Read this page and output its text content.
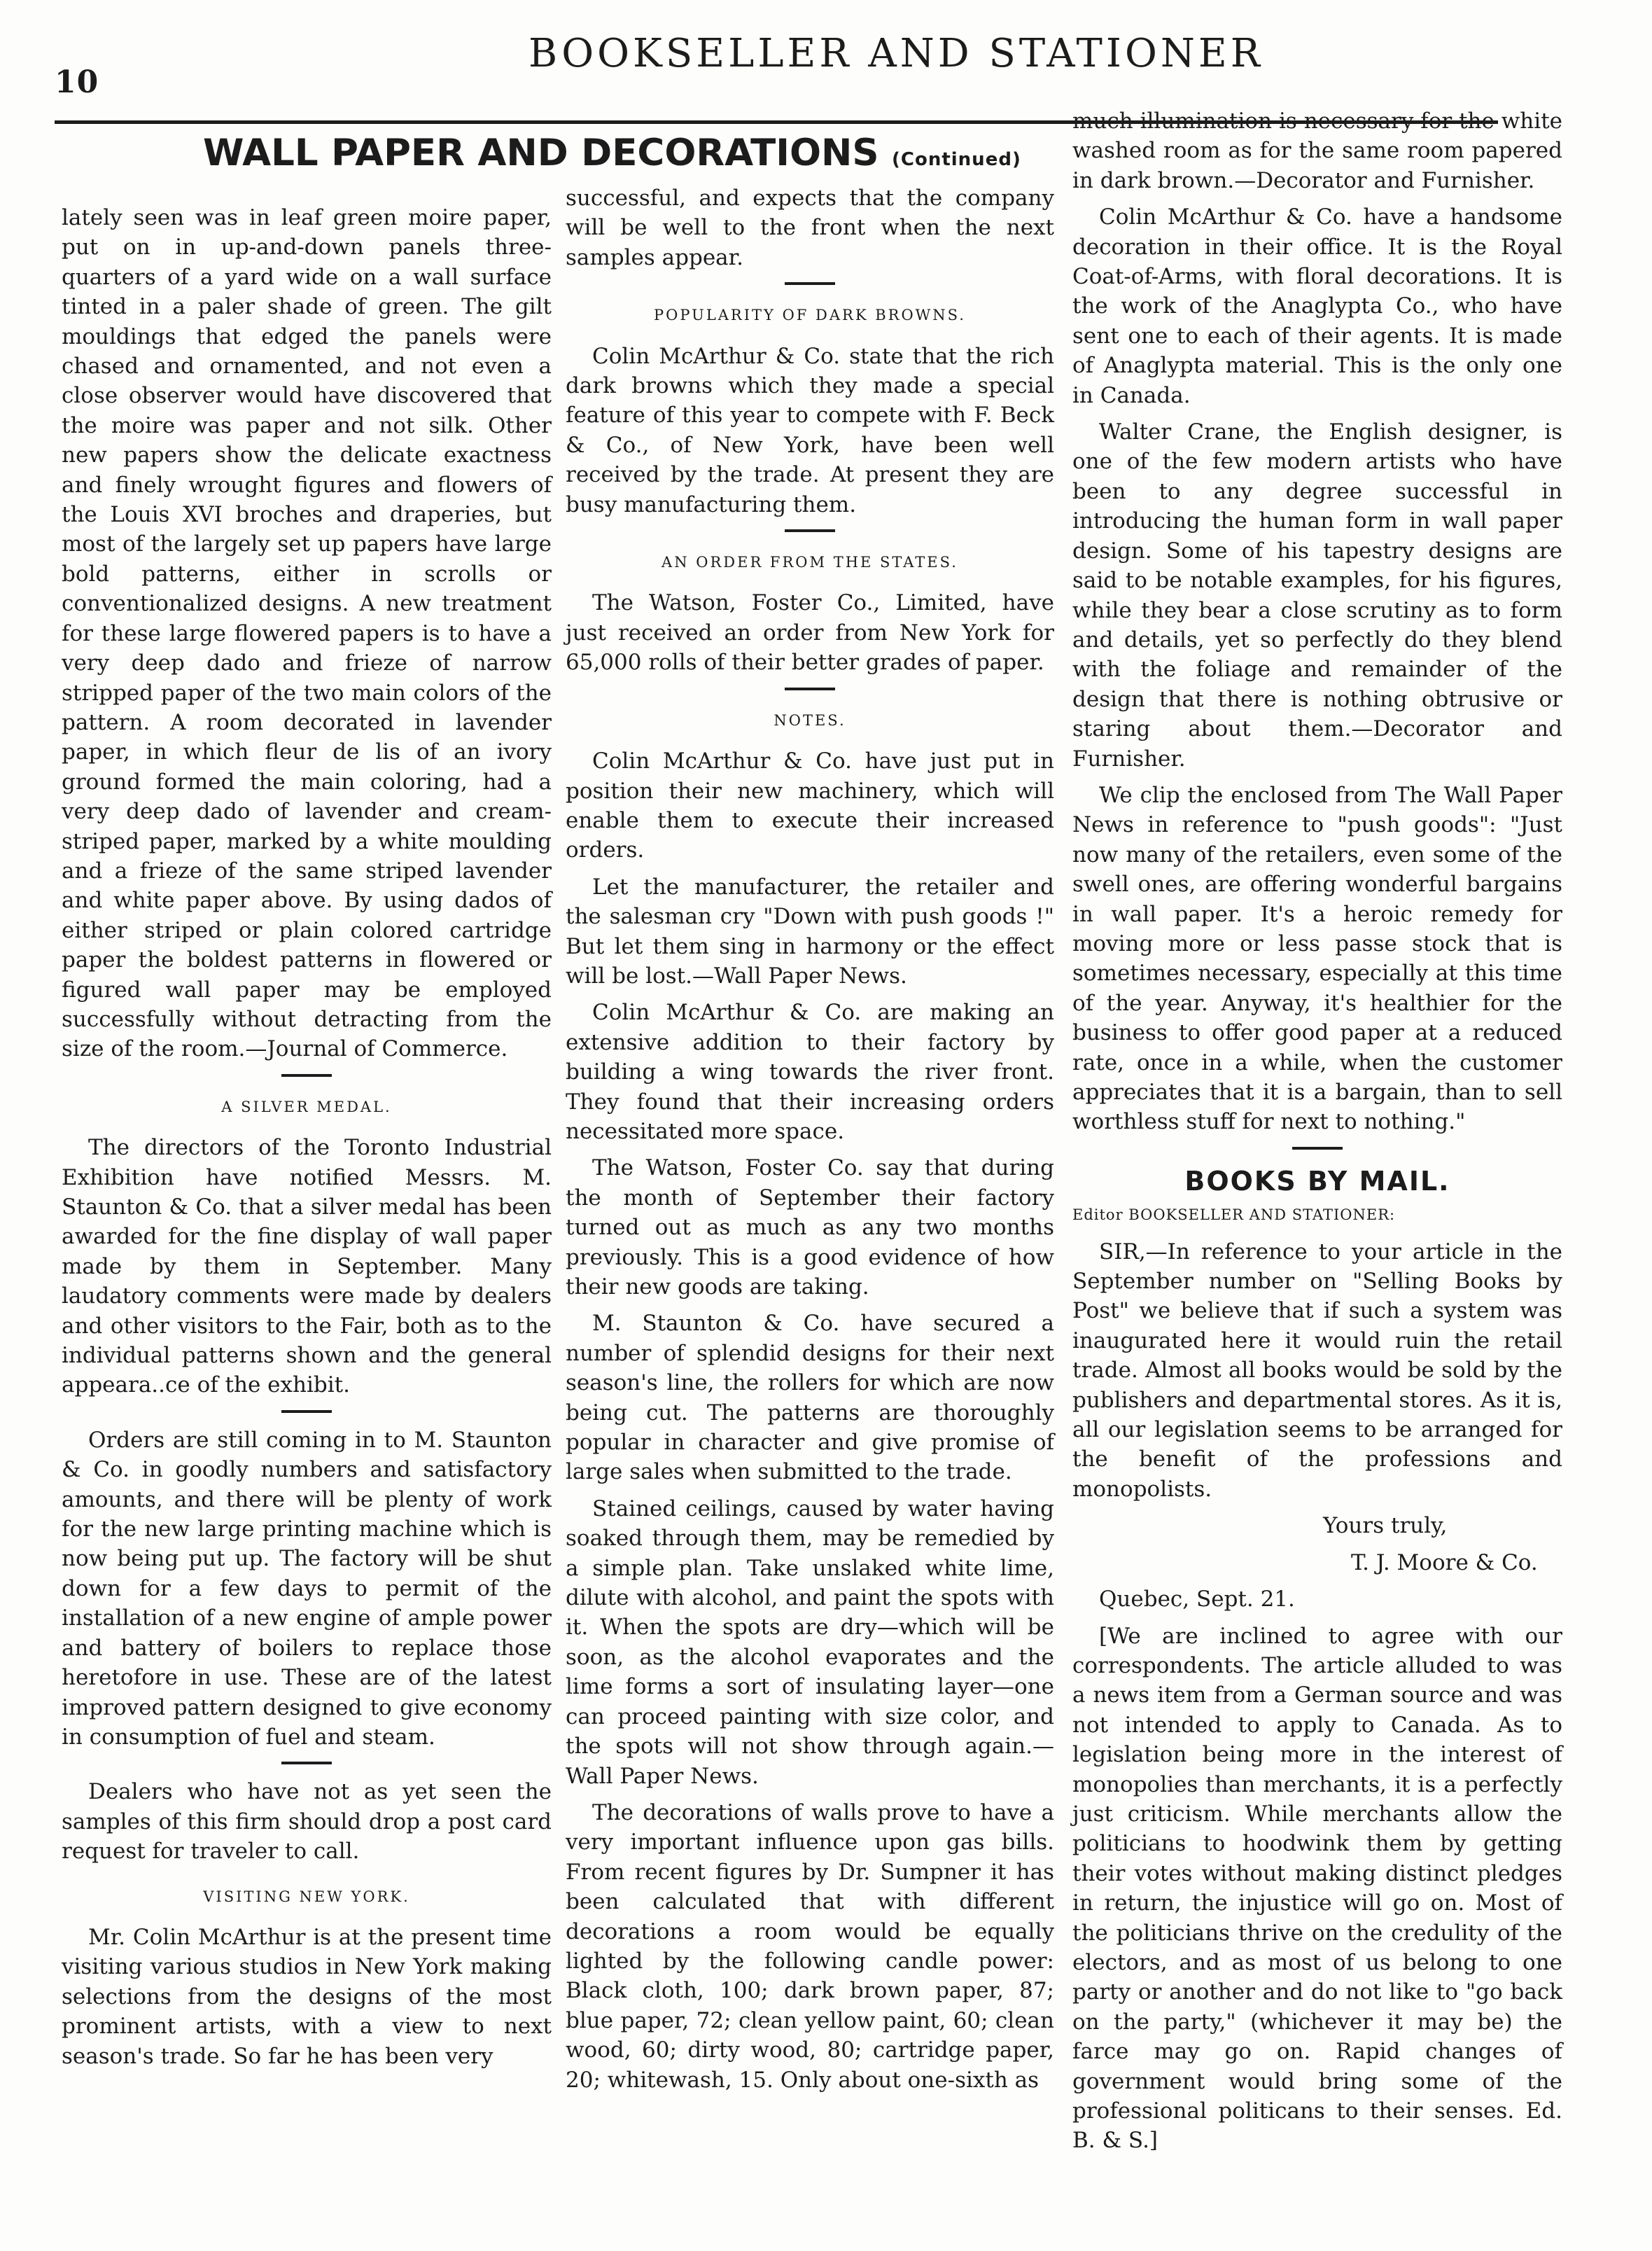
10
BOOKSELLER AND STATIONER
WALL PAPER AND DECORATIONS (Continued)

lately seen was in leaf green moire paper, put on in up-and-down panels three-quarters of a yard wide on a wall surface tinted in a paler shade of green. The gilt mouldings that edged the panels were chased and ornamented, and not even a close observer would have discovered that the moire was paper and not silk. Other new papers show the delicate exactness and finely wrought figures and flowers of the Louis XVI broches and draperies, but most of the largely set up papers have large bold patterns, either in scrolls or conventionalized designs. A new treatment for these large flowered papers is to have a very deep dado and frieze of narrow stripped paper of the two main colors of the pattern. A room decorated in lavender paper, in which fleur de lis of an ivory ground formed the main coloring, had a very deep dado of lavender and cream-striped paper, marked by a white moulding and a frieze of the same striped lavender and white paper above. By using dados of either striped or plain colored cartridge paper the boldest patterns in flowered or figured wall paper may be employed successfully without detracting from the size of the room.—Journal of Commerce.

A SILVER MEDAL.

The directors of the Toronto Industrial Exhibition have notified Messrs. M. Staunton & Co. that a silver medal has been awarded for the fine display of wall paper made by them in September. Many laudatory comments were made by dealers and other visitors to the Fair, both as to the individual patterns shown and the general appeara..ce of the exhibit.

Orders are still coming in to M. Staunton & Co. in goodly numbers and satisfactory amounts, and there will be plenty of work for the new large printing machine which is now being put up. The factory will be shut down for a few days to permit of the installation of a new engine of ample power and battery of boilers to replace those heretofore in use. These are of the latest improved pattern designed to give economy in consumption of fuel and steam.

Dealers who have not as yet seen the samples of this firm should drop a post card request for traveler to call.

VISITING NEW YORK.

Mr. Colin McArthur is at the present time visiting various studios in New York making selections from the designs of the most prominent artists, with a view to next season's trade. So far he has been very

successful, and expects that the company will be well to the front when the next samples appear.

POPULARITY OF DARK BROWNS.

Colin McArthur & Co. state that the rich dark browns which they made a special feature of this year to compete with F. Beck & Co., of New York, have been well received by the trade. At present they are busy manufacturing them.

AN ORDER FROM THE STATES.

The Watson, Foster Co., Limited, have just received an order from New York for 65,000 rolls of their better grades of paper.

NOTES.

Colin McArthur & Co. have just put in position their new machinery, which will enable them to execute their increased orders.

Let the manufacturer, the retailer and the salesman cry "Down with push goods !" But let them sing in harmony or the effect will be lost.—Wall Paper News.

Colin McArthur & Co. are making an extensive addition to their factory by building a wing towards the river front. They found that their increasing orders necessitated more space.

The Watson, Foster Co. say that during the month of September their factory turned out as much as any two months previously. This is a good evidence of how their new goods are taking.

M. Staunton & Co. have secured a number of splendid designs for their next season's line, the rollers for which are now being cut. The patterns are thoroughly popular in character and give promise of large sales when submitted to the trade.

Stained ceilings, caused by water having soaked through them, may be remedied by a simple plan. Take unslaked white lime, dilute with alcohol, and paint the spots with it. When the spots are dry—which will be soon, as the alcohol evaporates and the lime forms a sort of insulating layer—one can proceed painting with size color, and the spots will not show through again.—Wall Paper News.

The decorations of walls prove to have a very important influence upon gas bills. From recent figures by Dr. Sumpner it has been calculated that with different decorations a room would be equally lighted by the following candle power: Black cloth, 100; dark brown paper, 87; blue paper, 72; clean yellow paint, 60; clean wood, 60; dirty wood, 80; cartridge paper, 20; whitewash, 15. Only about one-sixth as

much illumination is necessary for the white washed room as for the same room papered in dark brown.—Decorator and Furnisher.

Colin McArthur & Co. have a handsome decoration in their office. It is the Royal Coat-of-Arms, with floral decorations. It is the work of the Anaglypta Co., who have sent one to each of their agents. It is made of Anaglypta material. This is the only one in Canada.

Walter Crane, the English designer, is one of the few modern artists who have been to any degree successful in introducing the human form in wall paper design. Some of his tapestry designs are said to be notable examples, for his figures, while they bear a close scrutiny as to form and details, yet so perfectly do they blend with the foliage and remainder of the design that there is nothing obtrusive or staring about them.—Decorator and Furnisher.

We clip the enclosed from The Wall Paper News in reference to "push goods": "Just now many of the retailers, even some of the swell ones, are offering wonderful bargains in wall paper. It's a heroic remedy for moving more or less passe stock that is sometimes necessary, especially at this time of the year. Anyway, it's healthier for the business to offer good paper at a reduced rate, once in a while, when the customer appreciates that it is a bargain, than to sell worthless stuff for next to nothing."

BOOKS BY MAIL.
Editor BOOKSELLER AND STATIONER:

SIR,—In reference to your article in the September number on "Selling Books by Post" we believe that if such a system was inaugurated here it would ruin the retail trade. Almost all books would be sold by the publishers and departmental stores. As it is, all our legislation seems to be arranged for the benefit of the professions and monopolists.

Yours truly,

T. J. Moore & Co.

Quebec, Sept. 21.

[We are inclined to agree with our correspondents. The article alluded to was a news item from a German source and was not intended to apply to Canada. As to legislation being more in the interest of monopolies than merchants, it is a perfectly just criticism. While merchants allow the politicians to hoodwink them by getting their votes without making distinct pledges in return, the injustice will go on. Most of the politicians thrive on the credulity of the electors, and as most of us belong to one party or another and do not like to "go back on the party," (whichever it may be) the farce may go on. Rapid changes of government would bring some of the professional politicans to their senses. Ed. B. & S.]
